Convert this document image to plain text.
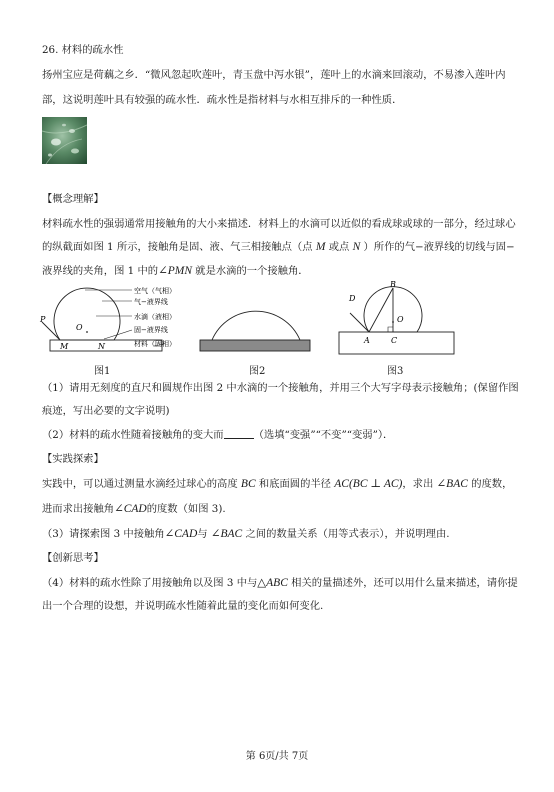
26. 材料的疏水性
扬州宝应是荷藕之乡．“微风忽起吹莲叶，青玉盘中泻水银”，莲叶上的水滴来回滚动，不易渗入莲叶内
部，这说明莲叶具有较强的疏水性．疏水性是指材料与水相互排斥的一种性质．
【概念理解】
材料疏水性的强弱通常用接触角的大小来描述．材料上的水滴可以近似的看成球或球的一部分，经过球心
的纵截面如图 1 所示，接触角是固、液、气三相接触点（点 M 或点 N ）所作的气−液界线的切线与固−
液界线的夹角，图 1 中的∠PMN 就是水滴的一个接触角．
空气（气相）
气−液界线
水滴（液相）
固−液界线
材料（固相）
P
O
M	N
图1	图2
D
B
O
A	C
图3
（1）请用无刻度的直尺和圆规作出图 2 中水滴的一个接触角，并用三个大写字母表示接触角；(保留作图
痕迹，写出必要的文字说明)
（2）材料的疏水性随着接触角的变大而	（选填“变强”“不变”“变弱”）．
【实践探索】
实践中，可以通过测量水滴经过球心的高度 BC 和底面圆的半径 AC(BC ⊥ AC)，求出 ∠BAC 的度数，
进而求出接触角∠CAD的度数（如图 3).
（3）请探索图 3 中接触角∠CAD与 ∠BAC 之间的数量关系（用等式表示），并说明理由.
【创新思考】
（4）材料的疏水性除了用接触角以及图 3 中与△ABC 相关的量描述外，还可以用什么量来描述，请你提
出一个合理的设想，并说明疏水性随着此量的变化而如何变化.
第 6页/共 7页
